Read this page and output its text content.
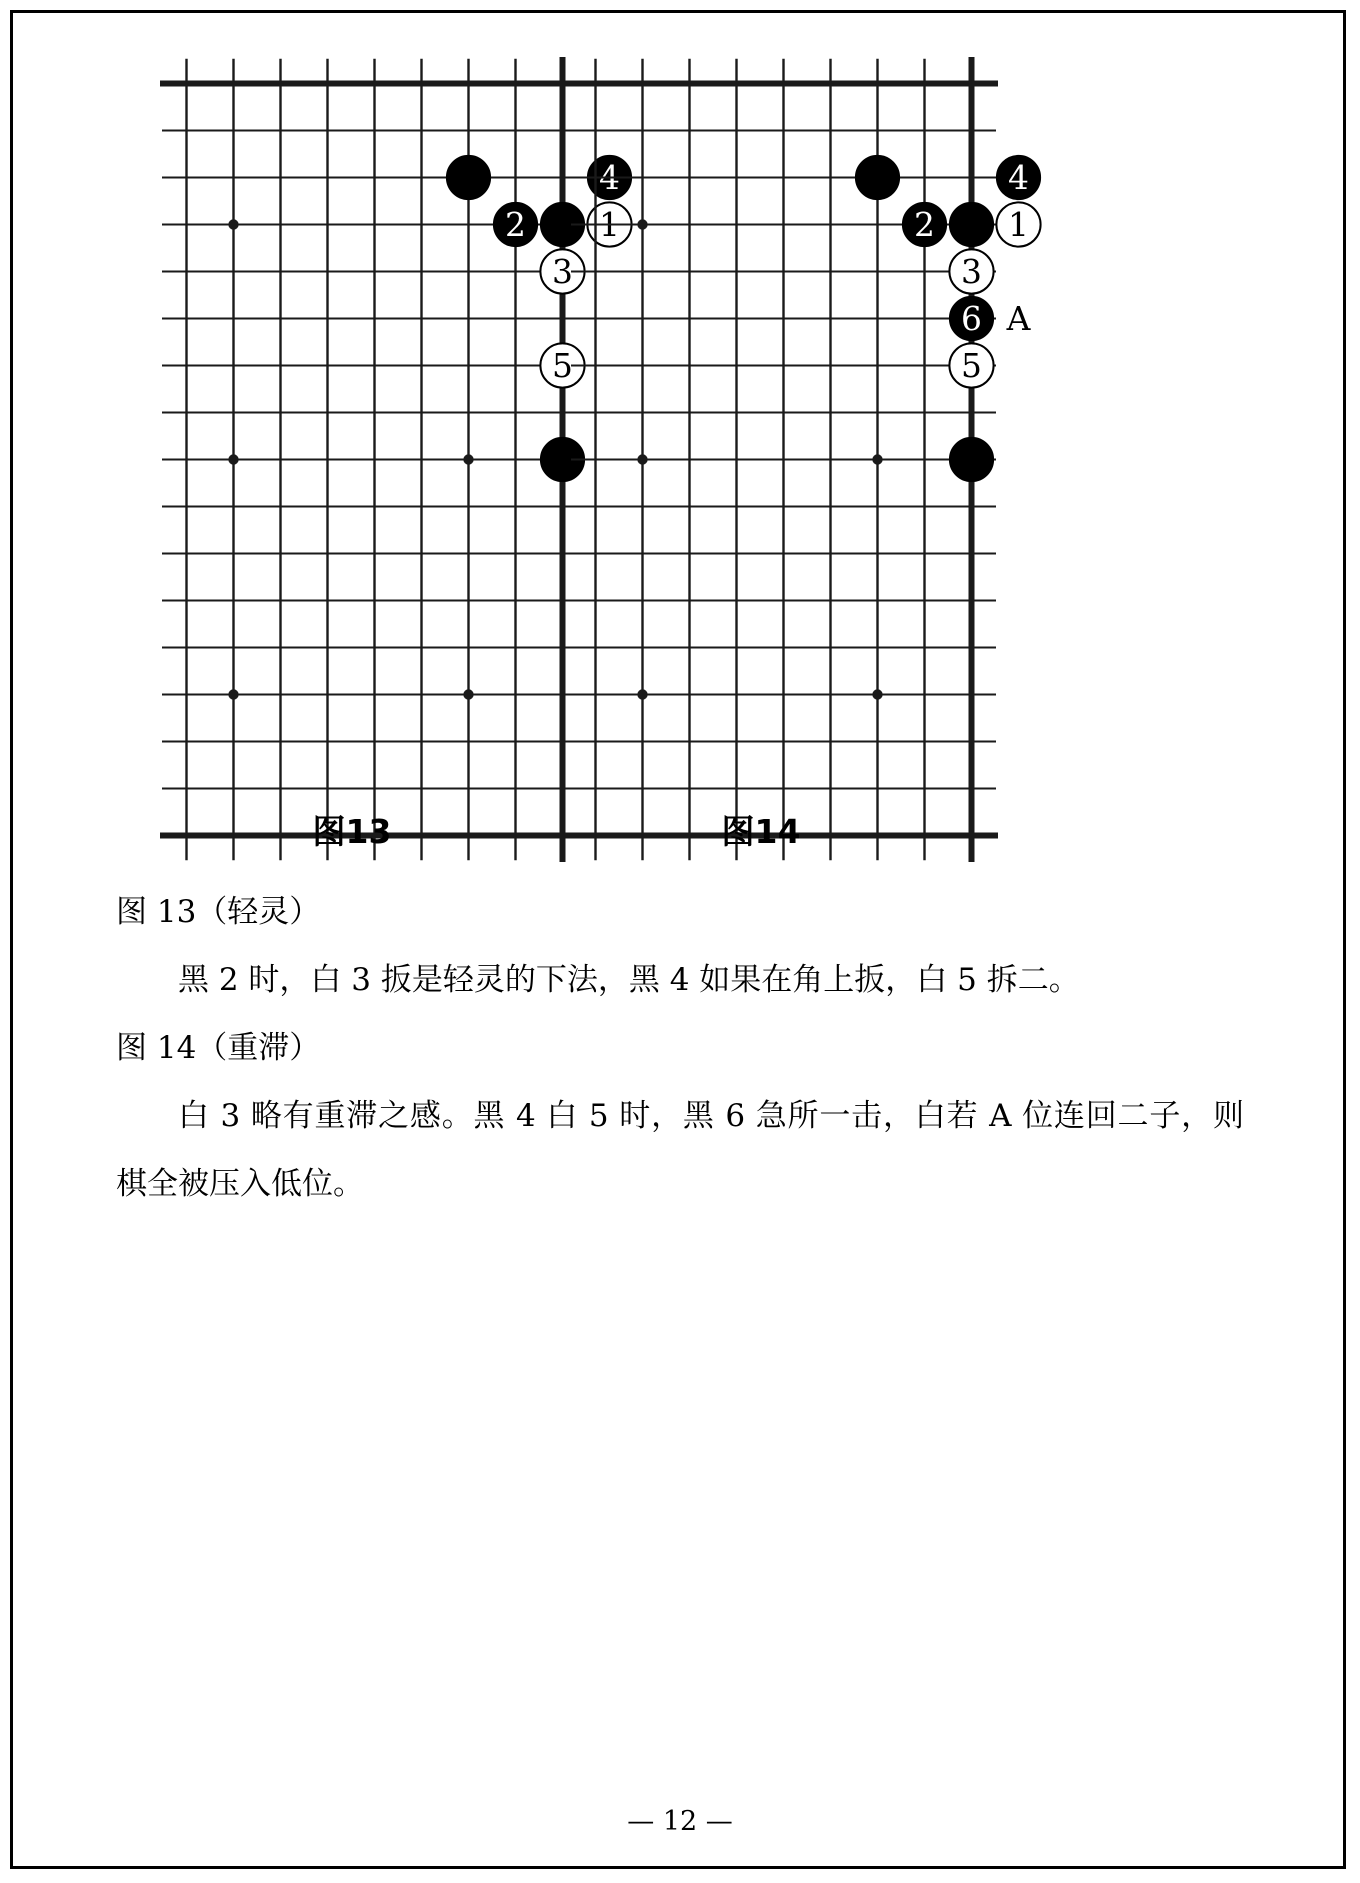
4
2 1
3
5
4
2 1
3
6
5
A
图13	图14

图 13（轻灵）

黑 2 时，白 3 扳是轻灵的下法，黑 4 如果在角上扳，白 5 拆二。

图 14（重滞）

白 3 略有重滞之感。黑 4 白 5 时，黑 6 急所一击，白若 A 位连回二子，则棋全被压入低位。

— 12 —
